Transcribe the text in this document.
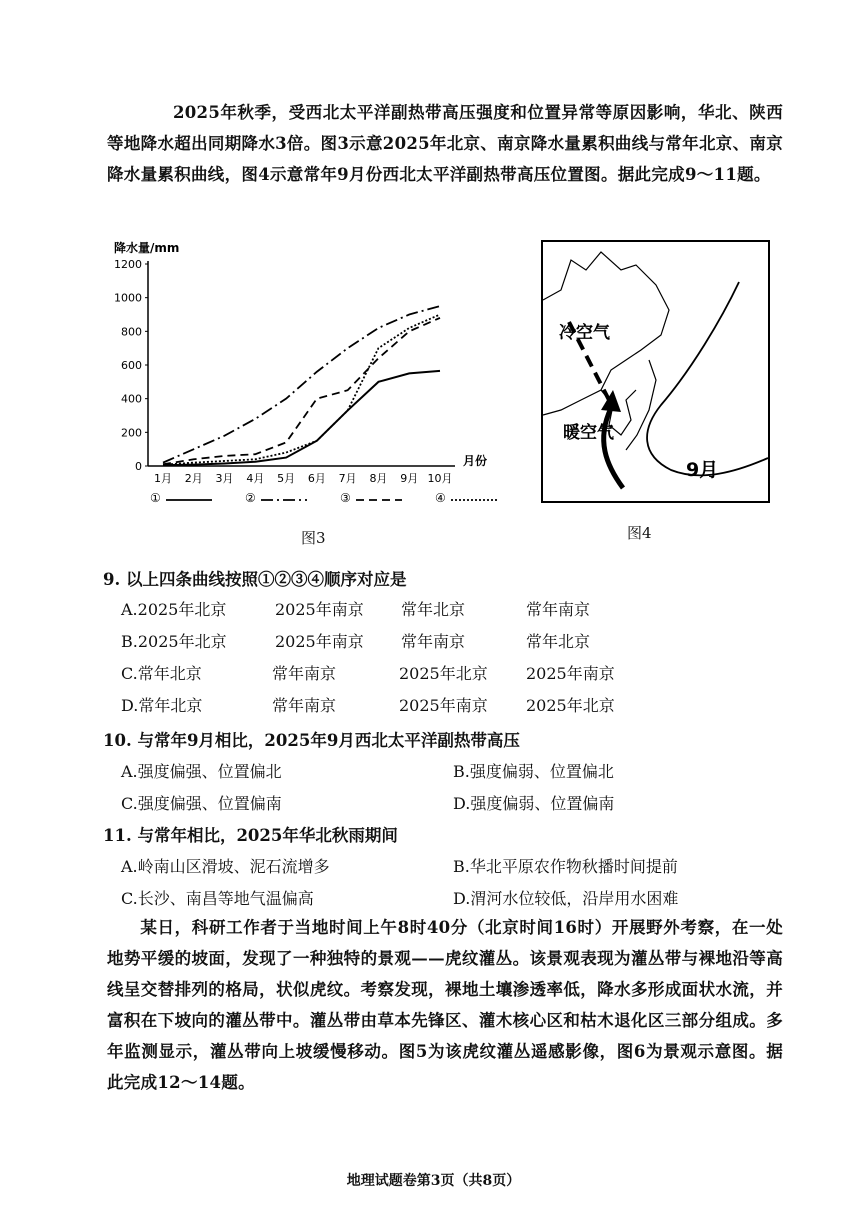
2025年秋季，受西北太平洋副热带高压强度和位置异常等原因影响，华北、陕西等地降水超出同期降水3倍。图3示意2025年北京、南京降水量累积曲线与常年北京、南京降水量累积曲线，图4示意常年9月份西北太平洋副热带高压位置图。据此完成9～11题。
降水量/mm
0
200
400
600
800
1000
1200
1月 2月 3月 4月 5月 6月 7月 8月 9月 10月
月份
①	②	③	④
图3
冷空气
暖空气
9月
图4
9. 以上四条曲线按照①②③④顺序对应是
A.2025年北京	2025年南京 常年北京	常年南京
B.2025年北京	2025年南京 常年南京	常年北京
C.常年北京	常年南京	2025年北京 2025年南京
D.常年北京	常年南京	2025年南京 2025年北京
10. 与常年9月相比，2025年9月西北太平洋副热带高压
A.强度偏强、位置偏北	B.强度偏弱、位置偏北
C.强度偏强、位置偏南	D.强度偏弱、位置偏南
11. 与常年相比，2025年华北秋雨期间
A.岭南山区滑坡、泥石流增多	B.华北平原农作物秋播时间提前
C.长沙、南昌等地气温偏高	D.渭河水位较低，沿岸用水困难
某日，科研工作者于当地时间上午8时40分（北京时间16时）开展野外考察，在一处地势平缓的坡面，发现了一种独特的景观——虎纹灌丛。该景观表现为灌丛带与裸地沿等高线呈交替排列的格局，状似虎纹。考察发现，裸地土壤渗透率低，降水多形成面状水流，并富积在下坡向的灌丛带中。灌丛带由草本先锋区、灌木核心区和枯木退化区三部分组成。多年监测显示，灌丛带向上坡缓慢移动。图5为该虎纹灌丛遥感影像，图6为景观示意图。据此完成12～14题。
地理试题卷第3页（共8页）
